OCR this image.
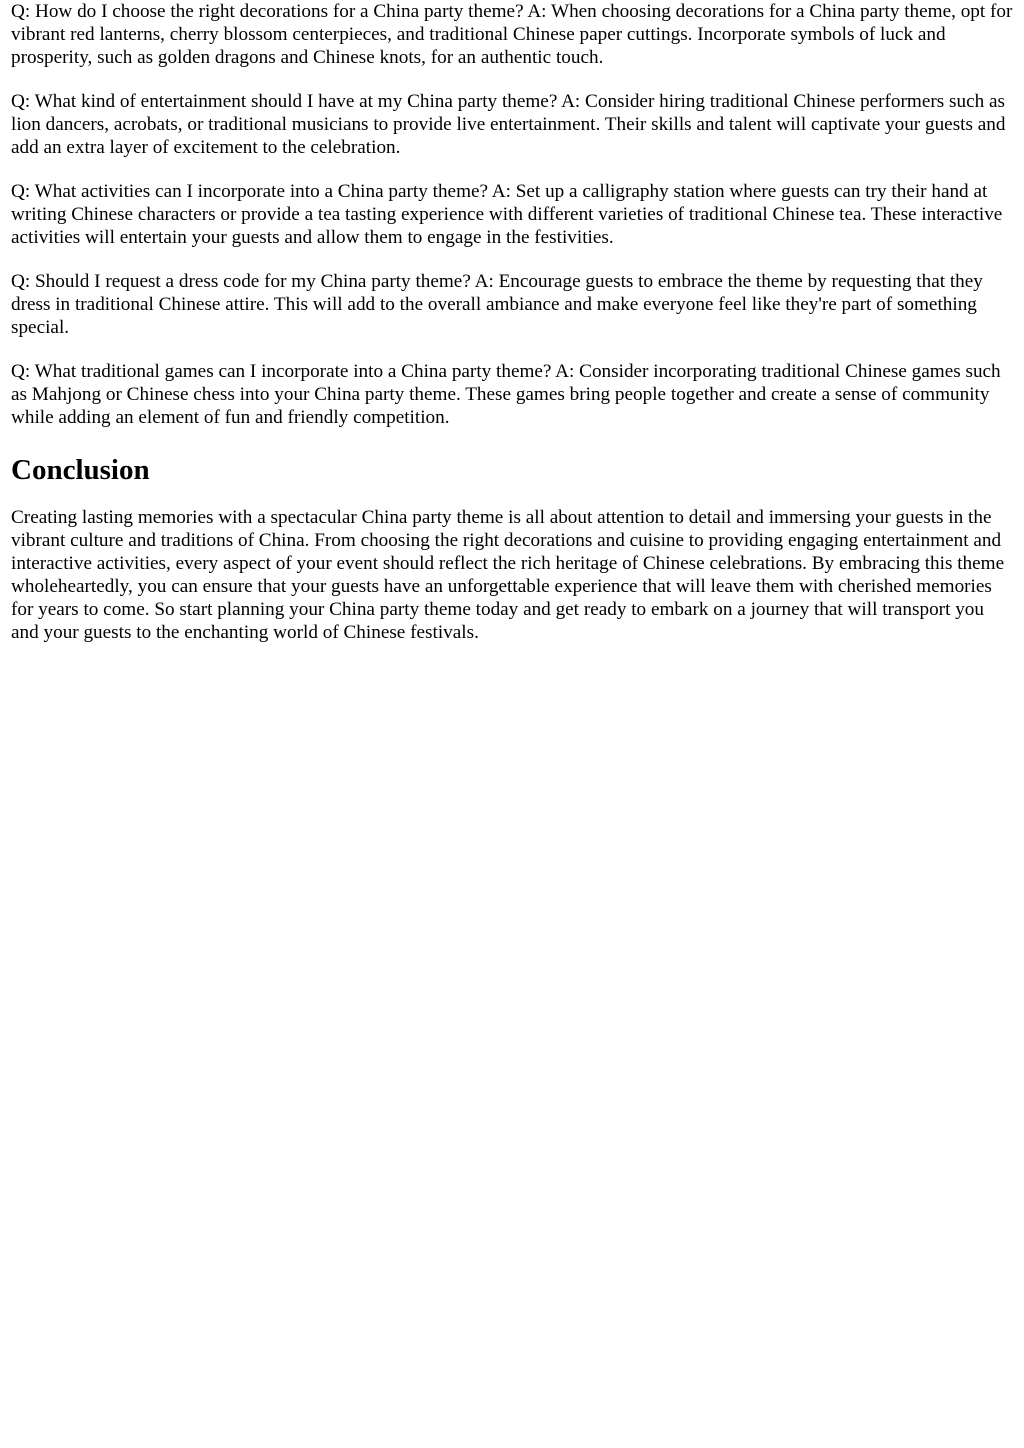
Q: How do I choose the right decorations for a China party theme? A: When choosing decorations for a China party theme, opt for vibrant red lanterns, cherry blossom centerpieces, and traditional Chinese paper cuttings. Incorporate symbols of luck and prosperity, such as golden dragons and Chinese knots, for an authentic touch.

Q: What kind of entertainment should I have at my China party theme? A: Consider hiring traditional Chinese performers such as lion dancers, acrobats, or traditional musicians to provide live entertainment. Their skills and talent will captivate your guests and add an extra layer of excitement to the celebration.

Q: What activities can I incorporate into a China party theme? A: Set up a calligraphy station where guests can try their hand at writing Chinese characters or provide a tea tasting experience with different varieties of traditional Chinese tea. These interactive activities will entertain your guests and allow them to engage in the festivities.

Q: Should I request a dress code for my China party theme? A: Encourage guests to embrace the theme by requesting that they dress in traditional Chinese attire. This will add to the overall ambiance and make everyone feel like they're part of something special.

Q: What traditional games can I incorporate into a China party theme? A: Consider incorporating traditional Chinese games such as Mahjong or Chinese chess into your China party theme. These games bring people together and create a sense of community while adding an element of fun and friendly competition.

Conclusion

Creating lasting memories with a spectacular China party theme is all about attention to detail and immersing your guests in the vibrant culture and traditions of China. From choosing the right decorations and cuisine to providing engaging entertainment and interactive activities, every aspect of your event should reflect the rich heritage of Chinese celebrations. By embracing this theme wholeheartedly, you can ensure that your guests have an unforgettable experience that will leave them with cherished memories for years to come. So start planning your China party theme today and get ready to embark on a journey that will transport you and your guests to the enchanting world of Chinese festivals.
